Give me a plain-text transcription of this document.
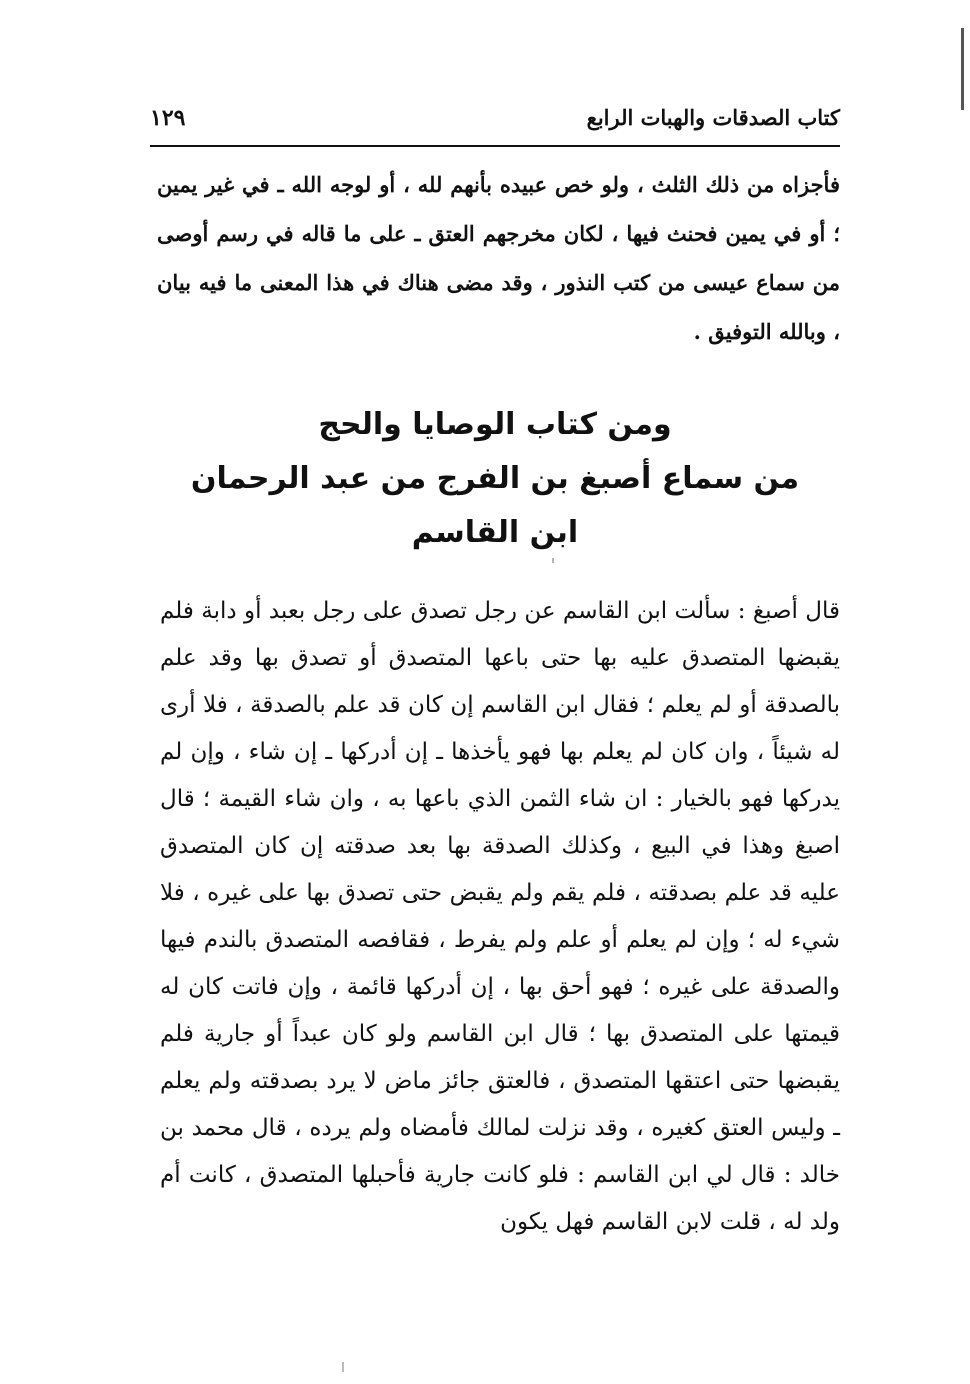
كتاب الصدقات والهبات الرابع
١٢٩
فأجزاه من ذلك الثلث ، ولو خص عبيده بأنهم لله ، أو لوجه الله ـ في غير يمين ؛ أو في يمين فحنث فيها ، لكان مخرجهم العتق ـ على ما قاله في رسم أوصى من سماع عيسى من كتب النذور ، وقد مضى هناك في هذا المعنى ما فيه بيان ، وبالله التوفيق .
ومن كتاب الوصايا والحج
من سماع أصبغ بن الفرج من عبد الرحمان
ابن القاسم
قال أصبغ : سألت ابن القاسم عن رجل تصدق على رجل بعبد أو دابة فلم يقبضها المتصدق عليه بها حتى باعها المتصدق أو تصدق بها وقد علم بالصدقة أو لم يعلم ؛ فقال ابن القاسم إن كان قد علم بالصدقة ، فلا أرى له شيئاً ، وان كان لم يعلم بها فهو يأخذها ـ إن أدركها ـ إن شاء ، وإن لم يدركها فهو بالخيار : ان شاء الثمن الذي باعها به ، وان شاء القيمة ؛ قال اصبغ وهذا في البيع ، وكذلك الصدقة بها بعد صدقته إن كان المتصدق عليه قد علم بصدقته ، فلم يقم ولم يقبض حتى تصدق بها على غيره ، فلا شيء له ؛ وإن لم يعلم أو علم ولم يفرط ، فقافصه المتصدق بالندم فيها والصدقة على غيره ؛ فهو أحق بها ، إن أدركها قائمة ، وإن فاتت كان له قيمتها على المتصدق بها ؛ قال ابن القاسم ولو كان عبداً أو جارية فلم يقبضها حتى اعتقها المتصدق ، فالعتق جائز ماض لا يرد بصدقته ولم يعلم ـ وليس العتق كغيره ، وقد نزلت لمالك فأمضاه ولم يرده ، قال محمد بن خالد : قال لي ابن القاسم : فلو كانت جارية فأحبلها المتصدق ، كانت أم ولد له ، قلت لابن القاسم فهل يكون
